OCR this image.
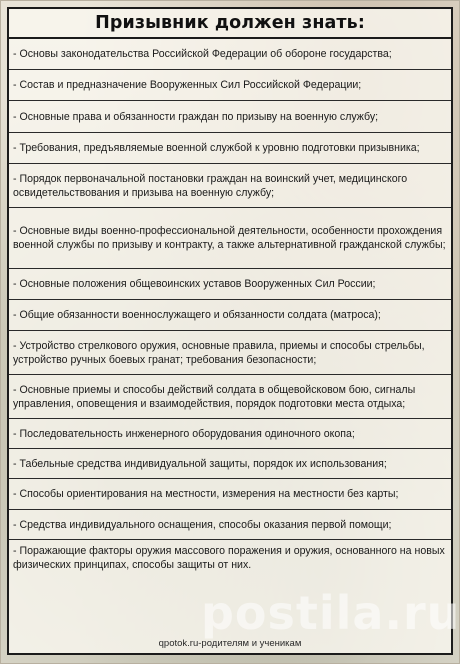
Призывник должен знать:
- Основы законодательства Российской Федерации об обороне государства;
- Состав и предназначение Вооруженных Сил Российской Федерации;
- Основные права и обязанности граждан по призыву на военную службу;
- Требования, предъявляемые военной службой к уровню подготовки призывника;
- Порядок первоначальной постановки граждан на воинский учет, медицинского освидетельствования и призыва на военную службу;
- Основные виды военно-профессиональной деятельности, особенности прохождения военной службы по призыву и контракту, а также альтернативной гражданской службы;
- Основные положения общевоинских уставов Вооруженных Сил России;
- Общие обязанности военнослужащего и обязанности солдата (матроса);
- Устройство стрелкового оружия, основные правила, приемы и способы стрельбы, устройство ручных боевых гранат; требования безопасности;
- Основные приемы и способы действий солдата в общевойсковом бою, сигналы управления, оповещения и взаимодействия, порядок подготовки места отдыха;
- Последовательность инженерного оборудования одиночного окопа;
- Табельные средства индивидуальной защиты, порядок их использования;
- Способы ориентирования на местности, измерения на местности без карты;
- Средства индивидуального оснащения, способы оказания первой помощи;
- Поражающие факторы оружия массового поражения и оружия, основанного на новых физических принципах, способы защиты от них.
qpotok.ru-родителям и ученикам
postila.ru
